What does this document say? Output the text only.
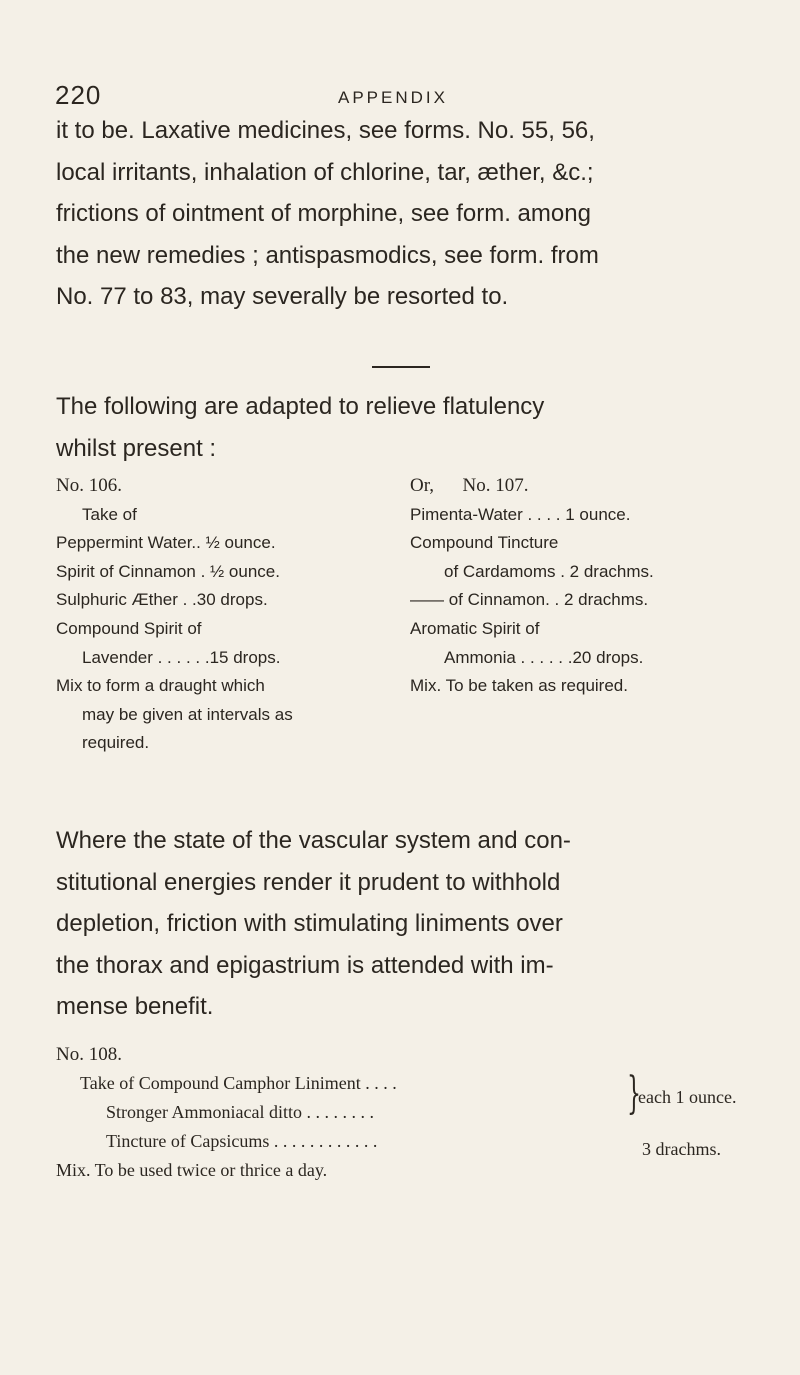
220	APPENDIX

it to be. Laxative medicines, see forms. No. 55, 56,
local irritants, inhalation of chlorine, tar, æther, &c.;
frictions of ointment of morphine, see form. among
the new remedies ; antispasmodics, see form. from
No. 77 to 83, may severally be resorted to.

The following are adapted to relieve flatulency
whilst present :

No. 106.
Take of
Peppermint Water.. ½ ounce.
Spirit of Cinnamon . ½ ounce.
Sulphuric Æther . .30 drops.
Compound Spirit of
Lavender . . . . . .15 drops.
Mix to form a draught which
may be given at intervals as
required.
Or,      No. 107.
Pimenta-Water . . . . 1 ounce.
Compound Tincture
of Cardamoms . 2 drachms.
—— of Cinnamon. . 2 drachms.
Aromatic Spirit of
Ammonia . . . . . .20 drops.
Mix. To be taken as required.

Where the state of the vascular system and con-
stitutional energies render it prudent to withhold
depletion, friction with stimulating liniments over
the thorax and epigastrium is attended with im-
mense benefit.

No. 108.
Take of Compound Camphor Liniment . . . .
Stronger Ammoniacal ditto . . . . . . . .
Tincture of Capsicums . . . . . . . . . . . .
Mix. To be used twice or thrice a day.
}
each 1 ounce.
3 drachms.
